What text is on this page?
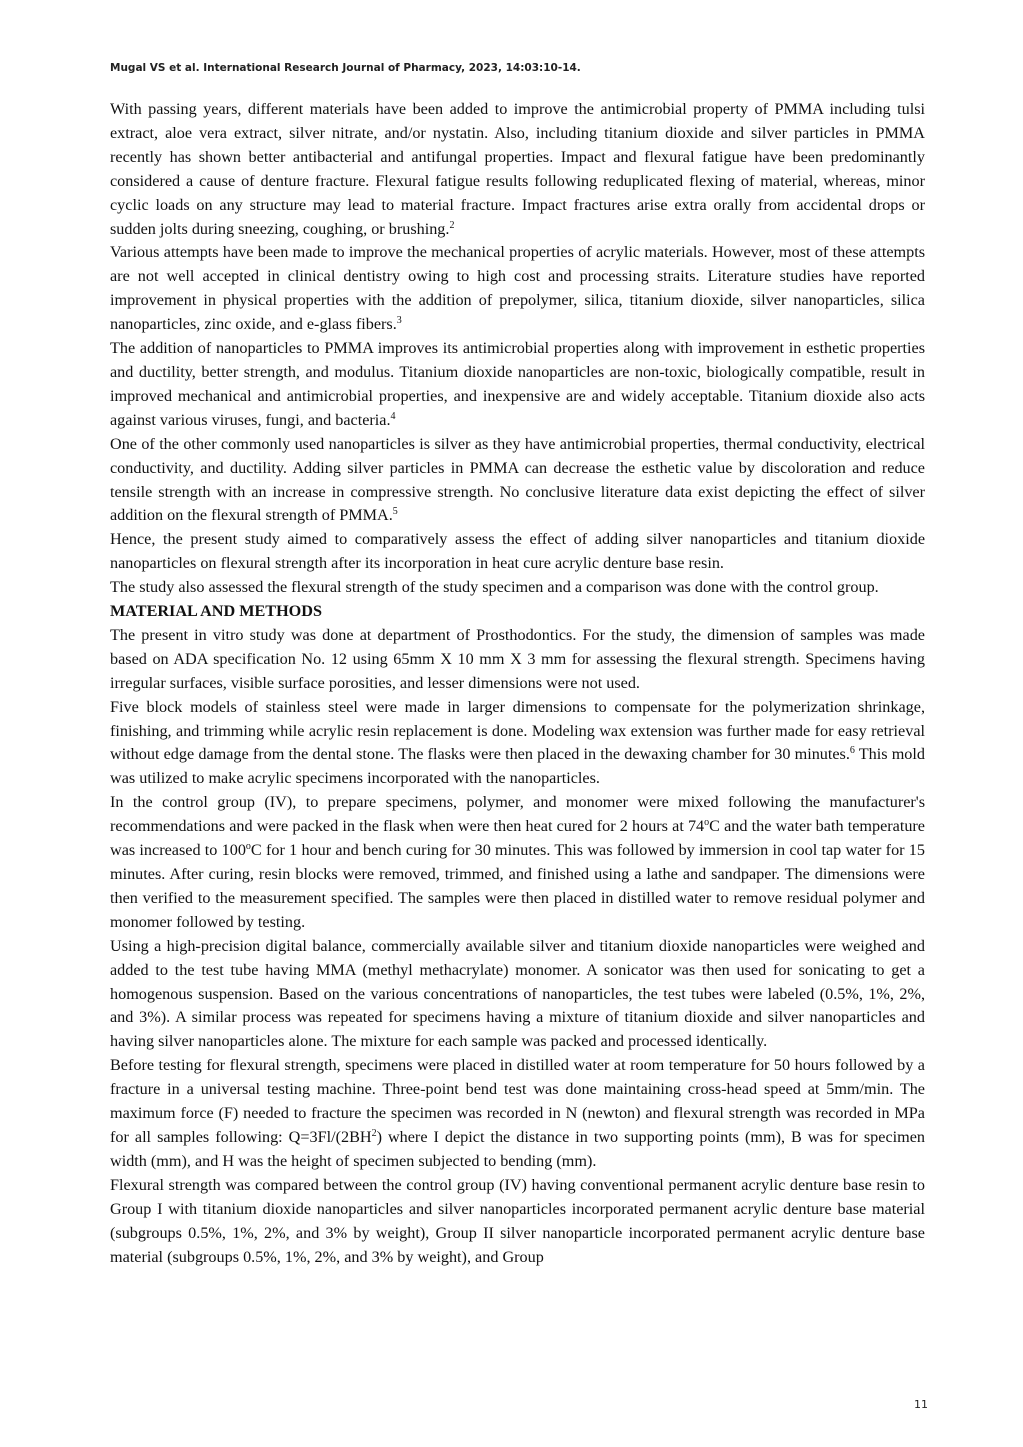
Mugal VS et al. International Research Journal of Pharmacy, 2023, 14:03:10-14.

With passing years, different materials have been added to improve the antimicrobial property of PMMA including tulsi extract, aloe vera extract, silver nitrate, and/or nystatin. Also, including titanium dioxide and silver particles in PMMA recently has shown better antibacterial and antifungal properties. Impact and flexural fatigue have been predominantly considered a cause of denture fracture. Flexural fatigue results following reduplicated flexing of material, whereas, minor cyclic loads on any structure may lead to material fracture. Impact fractures arise extra orally from accidental drops or sudden jolts during sneezing, coughing, or brushing.$^2$

Various attempts have been made to improve the mechanical properties of acrylic materials. However, most of these attempts are not well accepted in clinical dentistry owing to high cost and processing straits. Literature studies have reported improvement in physical properties with the addition of prepolymer, silica, titanium dioxide, silver nanoparticles, silica nanoparticles, zinc oxide, and e-glass fibers.$^3$

The addition of nanoparticles to PMMA improves its antimicrobial properties along with improvement in esthetic properties and ductility, better strength, and modulus. Titanium dioxide nanoparticles are non-toxic, biologically compatible, result in improved mechanical and antimicrobial properties, and inexpensive are and widely acceptable. Titanium dioxide also acts against various viruses, fungi, and bacteria.$^4$

One of the other commonly used nanoparticles is silver as they have antimicrobial properties, thermal conductivity, electrical conductivity, and ductility. Adding silver particles in PMMA can decrease the esthetic value by discoloration and reduce tensile strength with an increase in compressive strength. No conclusive literature data exist depicting the effect of silver addition on the flexural strength of PMMA.$^5$

Hence, the present study aimed to comparatively assess the effect of adding silver nanoparticles and titanium dioxide nanoparticles on flexural strength after its incorporation in heat cure acrylic denture base resin.

The study also assessed the flexural strength of the study specimen and a comparison was done with the control group.

MATERIAL AND METHODS

The present in vitro study was done at department of Prosthodontics. For the study, the dimension of samples was made based on ADA specification No. 12 using 65mm X 10 mm X 3 mm for assessing the flexural strength. Specimens having irregular surfaces, visible surface porosities, and lesser dimensions were not used.

Five block models of stainless steel were made in larger dimensions to compensate for the polymerization shrinkage, finishing, and trimming while acrylic resin replacement is done. Modeling wax extension was further made for easy retrieval without edge damage from the dental stone. The flasks were then placed in the dewaxing chamber for 30 minutes.$^6$ This mold was utilized to make acrylic specimens incorporated with the nanoparticles.

In the control group (IV), to prepare specimens, polymer, and monomer were mixed following the manufacturer's recommendations and were packed in the flask when were then heat cured for 2 hours at 74$^o$C and the water bath temperature was increased to 100$^o$C for 1 hour and bench curing for 30 minutes. This was followed by immersion in cool tap water for 15 minutes. After curing, resin blocks were removed, trimmed, and finished using a lathe and sandpaper. The dimensions were then verified to the measurement specified. The samples were then placed in distilled water to remove residual polymer and monomer followed by testing.

Using a high-precision digital balance, commercially available silver and titanium dioxide nanoparticles were weighed and added to the test tube having MMA (methyl methacrylate) monomer. A sonicator was then used for sonicating to get a homogenous suspension. Based on the various concentrations of nanoparticles, the test tubes were labeled (0.5%, 1%, 2%, and 3%). A similar process was repeated for specimens having a mixture of titanium dioxide and silver nanoparticles and having silver nanoparticles alone. The mixture for each sample was packed and processed identically.

Before testing for flexural strength, specimens were placed in distilled water at room temperature for 50 hours followed by a fracture in a universal testing machine. Three-point bend test was done maintaining cross-head speed at 5mm/min. The maximum force (F) needed to fracture the specimen was recorded in N (newton) and flexural strength was recorded in MPa for all samples following: $Q=3Fl/(2BH^2)$ where I depict the distance in two supporting points (mm), B was for specimen width (mm), and H was the height of specimen subjected to bending (mm).

Flexural strength was compared between the control group (IV) having conventional permanent acrylic denture base resin to Group I with titanium dioxide nanoparticles and silver nanoparticles incorporated permanent acrylic denture base material (subgroups 0.5%, 1%, 2%, and 3% by weight), Group II silver nanoparticle incorporated permanent acrylic denture base material (subgroups 0.5%, 1%, 2%, and 3% by weight), and Group

11
